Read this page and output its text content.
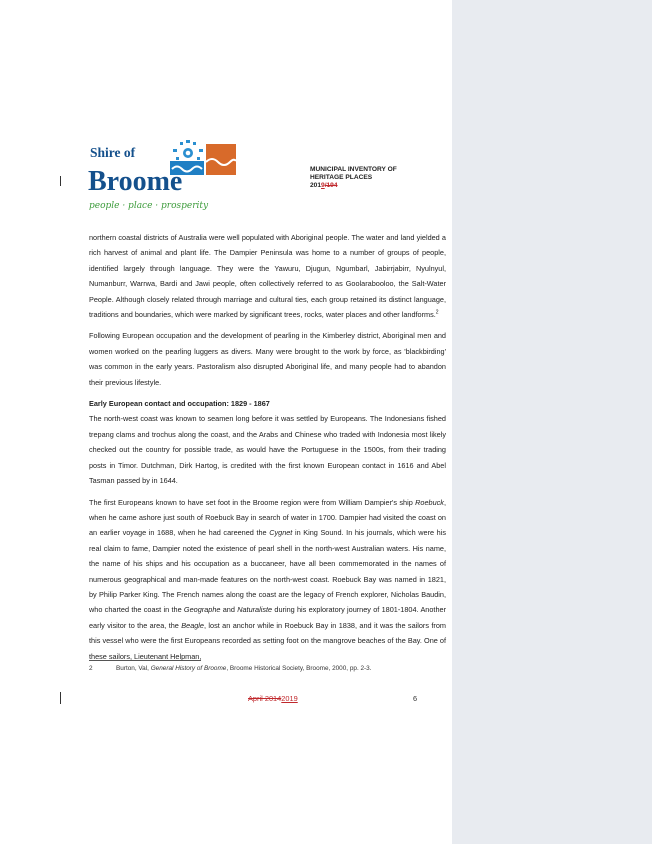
Shire of
Broome
people · place · prosperity
MUNICIPAL INVENTORY OF
HERITAGE PLACES
2019/194

northern coastal districts of Australia were well populated with Aboriginal people. The water and land yielded a rich harvest of animal and plant life. The Dampier Peninsula was home to a number of groups of people, identified largely through language. They were the Yawuru, Djugun, Ngumbarl, Jabirrjabirr, Nyulnyul, Numanburr, Warrwa, Bardi and Jawi people, often collectively referred to as Goolarabooloo, the Salt-Water People. Although closely related through marriage and cultural ties, each group retained its distinct language, traditions and boundaries, which were marked by significant trees, rocks, water places and other landforms.$^2$

Following European occupation and the development of pearling in the Kimberley district, Aboriginal men and women worked on the pearling luggers as divers. Many were brought to the work by force, as 'blackbirding' was common in the early years. Pastoralism also disrupted Aboriginal life, and many people had to abandon their previous lifestyle.

Early European contact and occupation: 1829 - 1867

The north-west coast was known to seamen long before it was settled by Europeans. The Indonesians fished trepang clams and trochus along the coast, and the Arabs and Chinese who traded with Indonesia most likely checked out the country for possible trade, as would have the Portuguese in the 1500s, from their trading posts in Timor. Dutchman, Dirk Hartog, is credited with the first known European contact in 1616 and Abel Tasman passed by in 1644.

The first Europeans known to have set foot in the Broome region were from William Dampier's ship Roebuck, when he came ashore just south of Roebuck Bay in search of water in 1700. Dampier had visited the coast on an earlier voyage in 1688, when he had careened the Cygnet in King Sound. In his journals, which were his real claim to fame, Dampier noted the existence of pearl shell in the north-west Australian waters. His name, the name of his ships and his occupation as a buccaneer, have all been commemorated in the names of numerous geographical and man-made features on the north-west coast. Roebuck Bay was named in 1821, by Philip Parker King. The French names along the coast are the legacy of French explorer, Nicholas Baudin, who charted the coast in the Geographe and Naturaliste during his exploratory journey of 1801-1804. Another early visitor to the area, the Beagle, lost an anchor while in Roebuck Bay in 1838, and it was the sailors from this vessel who were the first Europeans recorded as setting foot on the mangrove beaches of the Bay. One of these sailors, Lieutenant Helpman,

2	Burton, Val, General History of Broome, Broome Historical Society, Broome, 2000, pp. 2-3.
April 20142019	6
